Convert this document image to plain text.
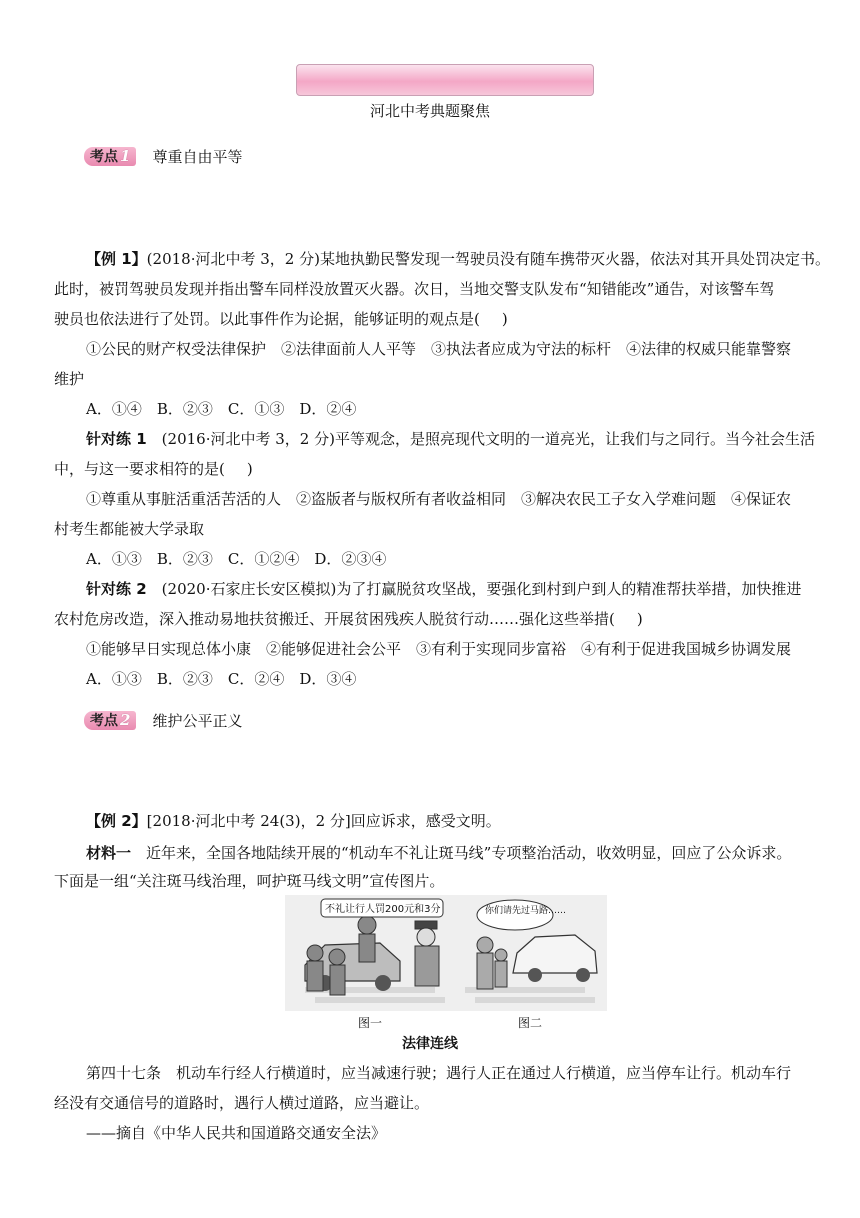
河北中考典题聚焦
考点 1 尊重自由平等
【例 1】(2018·河北中考 3，2 分)某地执勤民警发现一驾驶员没有随车携带灭火器，依法对其开具处罚决定书。
此时，被罚驾驶员发现并指出警车同样没放置灭火器。次日，当地交警支队发布“知错能改”通告，对该警车驾
驶员也依法进行了处罚。以此事件作为论据，能够证明的观点是( )
①公民的财产权受法律保护　②法律面前人人平等　③执法者应成为守法的标杆　④法律的权威只能靠警察
维护
A．①④　B．②③　C．①③　D．②④
针对练 1　(2016·河北中考 3，2 分)平等观念，是照亮现代文明的一道亮光，让我们与之同行。当今社会生活
中，与这一要求相符的是( )
①尊重从事脏活重活苦活的人　②盗版者与版权所有者收益相同　③解决农民工子女入学难问题　④保证农
村考生都能被大学录取
A．①③　B．②③　C．①②④　D．②③④
针对练 2　(2020·石家庄长安区模拟)为了打赢脱贫攻坚战，要强化到村到户到人的精准帮扶举措，加快推进
农村危房改造，深入推动易地扶贫搬迁、开展贫困残疾人脱贫行动……强化这些举措( )
①能够早日实现总体小康　②能够促进社会公平　③有利于实现同步富裕　④有利于促进我国城乡协调发展
A．①③　B．②③　C．②④　D．③④
考点 2 维护公平正义
【例 2】[2018·河北中考 24(3)，2 分]回应诉求，感受文明。
材料一　近年来，全国各地陆续开展的“机动车不礼让斑马线”专项整治活动，收效明显，回应了公众诉求。
下面是一组“关注斑马线治理，呵护斑马线文明”宣传图片。
不礼让行人罚200元和3分	你们请先过马路……
图一	图二
法律连线
第四十七条　机动车行经人行横道时，应当减速行驶；遇行人正在通过人行横道，应当停车让行。机动车行
经没有交通信号的道路时，遇行人横过道路，应当避让。
——摘自《中华人民共和国道路交通安全法》
